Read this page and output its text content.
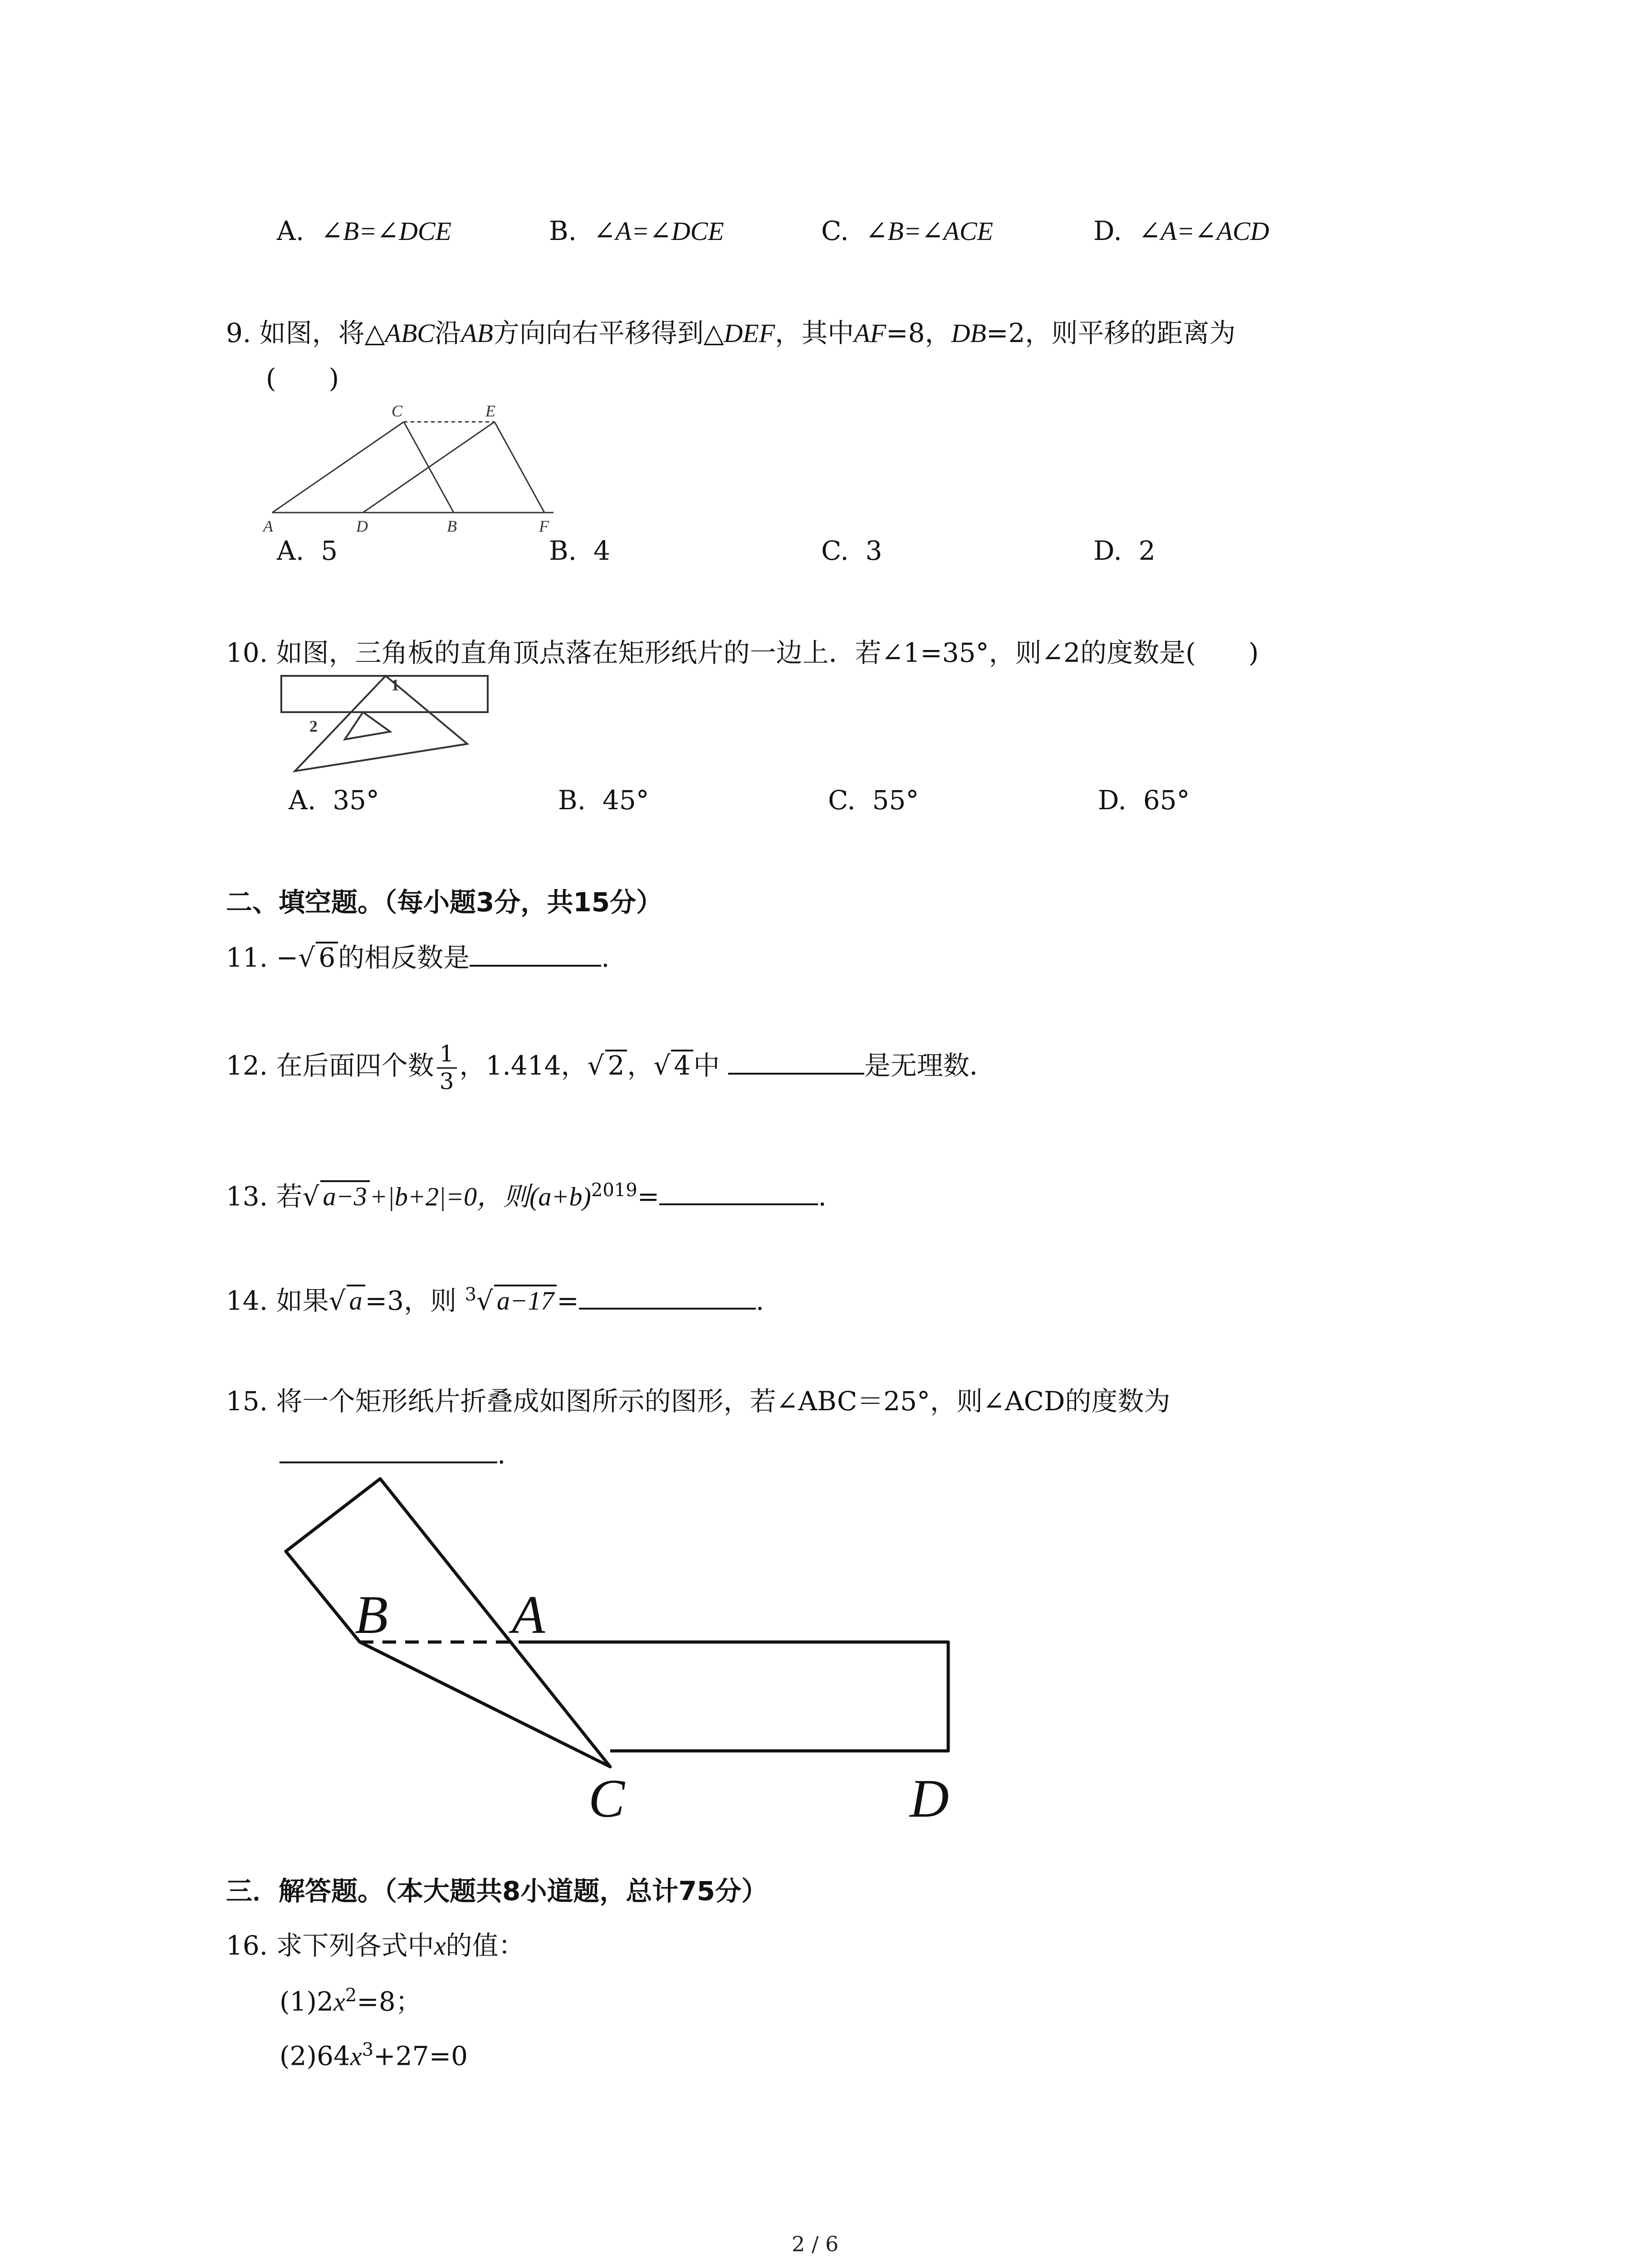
A. ∠B=∠DCE	B. ∠A=∠DCE	C. ∠B=∠ACE	D. ∠A=∠ACD
9. 如图，将△ABC沿AB方向向右平移得到△DEF，其中AF=8，DB=2，则平移的距离为
(　　)
A	D	B	F
C	E
A. 5	B. 4	C. 3	D. 2
10. 如图，三角板的直角顶点落在矩形纸片的一边上．若∠1=35°，则∠2的度数是(　　)
1
2
A. 35°	B. 45°	C. 55°	D. 65°
二、填空题。（每小题3分，共15分）
11. −√ 6 的相反数是	.
12. 在后面四个数 $\frac{1}{3}$ ，1.414，√ 2 ，√ 4 中	是无理数．
13. 若√ a−3 +|b+2|=0，则$(a+b)^{2019}=$	.
14. 如果√ a =3，则 $^3$√ a−17 =	.
15. 将一个矩形纸片折叠成如图所示的图形，若∠ABC＝25°，则∠ACD的度数为
.
B A
C	D
三．解答题。（本大题共8小道题，总计75分）
16. 求下列各式中x的值：
$(1)2x^2=8$；
$(2)64x^3+27=0$
2 / 6
